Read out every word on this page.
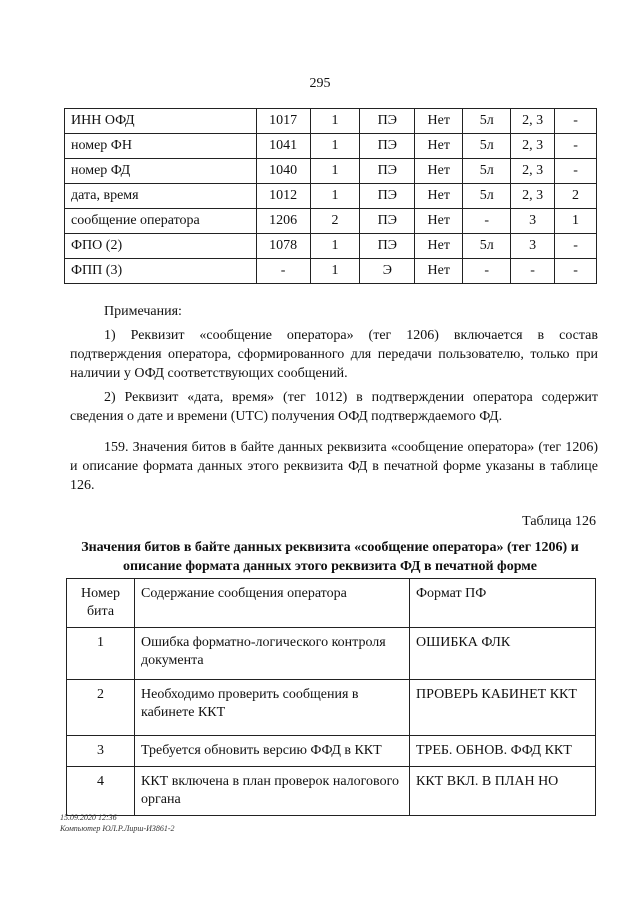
295
ИНН ОФД	1017	1	ПЭ	Нет	5л	2, 3	-
номер ФН	1041	1	ПЭ	Нет	5л	2, 3	-
номер ФД	1040	1	ПЭ	Нет	5л	2, 3	-
дата, время	1012	1	ПЭ	Нет	5л	2, 3	2
сообщение оператора	1206	2	ПЭ	Нет	-	3	1
ФПО (2)	1078	1	ПЭ	Нет	5л	3	-
ФПП (3)	-	1	Э	Нет	-	-	-

Примечания:

1) Реквизит «сообщение оператора» (тег 1206) включается в состав подтверждения оператора, сформированного для передачи пользователю, только при наличии у ОФД соответствующих сообщений.

2) Реквизит «дата, время» (тег 1012) в подтверждении оператора содержит сведения о дате и времени (UTC) получения ОФД подтверждаемого ФД.

159. Значения битов в байте данных реквизита «сообщение оператора» (тег 1206) и описание формата данных этого реквизита ФД в печатной форме указаны в таблице 126.

Таблица 126
Значения битов в байте данных реквизита «сообщение оператора» (тег 1206) и описание формата данных этого реквизита ФД в печатной форме
Номер бита	Содержание сообщения оператора	Формат ПФ
1	Ошибка форматно-логического контроля документа	ОШИБКА ФЛК
2	Необходимо проверить сообщения в кабинете ККТ	ПРОВЕРЬ КАБИНЕТ ККТ
3	Требуется обновить версию ФФД в ККТ	ТРЕБ. ОБНОВ. ФФД ККТ
4	ККТ включена в план проверок налогового органа	ККТ ВКЛ. В ПЛАН НО
15.09.2020 12:36
Компьютер ЮЛ.Р.Лирш-ИЗ861-2
